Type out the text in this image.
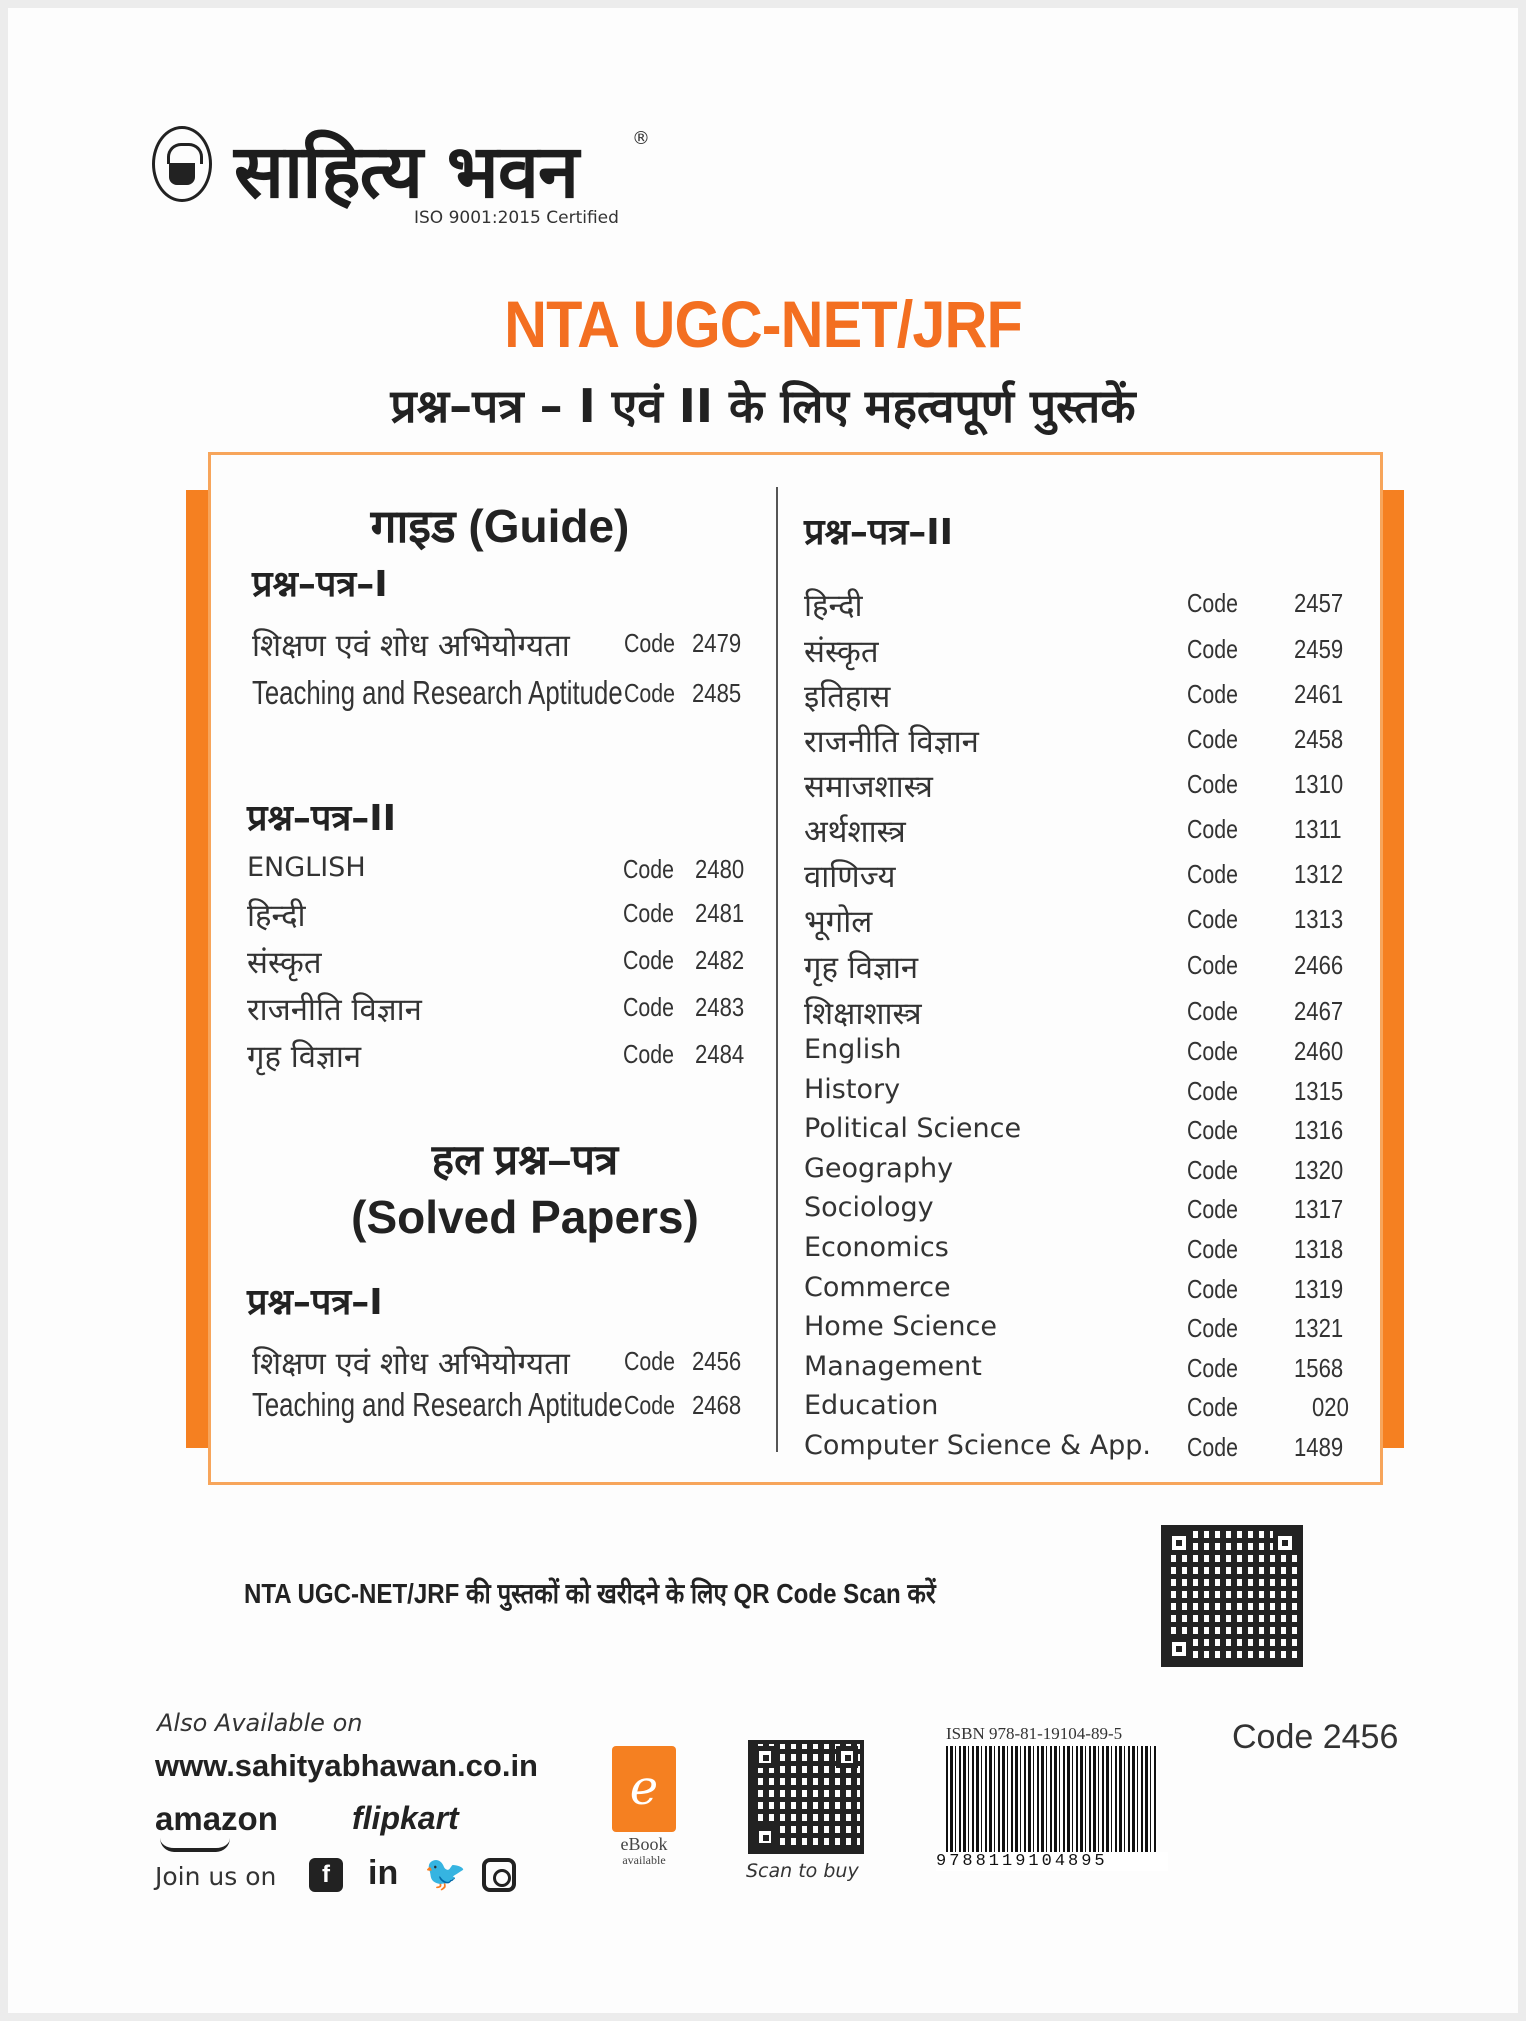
साहित्य भवन	®
ISO 9001:2015 Certified
NTA UGC-NET/JRF
प्रश्न–पत्र – I एवं II के लिए महत्वपूर्ण पुस्तकें
गाइड (Guide)
प्रश्न–पत्र–I
शिक्षण एवं शोध अभियोग्यता Code 2479
Teaching and Research Aptitude Code 2485
प्रश्न–पत्र–II
ENGLISH	Code 2480
हिन्दी	Code 2481
संस्कृत	Code 2482
राजनीति विज्ञान	Code 2483
गृह विज्ञान	Code 2484
हल प्रश्न–पत्र
(Solved Papers)
प्रश्न–पत्र–I
शिक्षण एवं शोध अभियोग्यता Code 2456
Teaching and Research Aptitude Code 2468
प्रश्न–पत्र–II
हिन्दी	Code 2457
संस्कृत	Code 2459
इतिहास	Code 2461
राजनीति विज्ञान	Code 2458
समाजशास्त्र	Code 1310
अर्थशास्त्र	Code 1311
वाणिज्य	Code 1312
भूगोल	Code 1313
गृह विज्ञान	Code 2466
शिक्षाशास्त्र	Code 2467
English	Code 2460
History	Code 1315
Political Science	Code 1316
Geography	Code 1320
Sociology	Code 1317
Economics	Code 1318
Commerce	Code 1319
Home Science	Code 1321
Management	Code 1568
Education	Code	020
Computer Science & App. Code 1489
NTA UGC-NET/JRF की पुस्तकों को खरीदने के लिए QR Code Scan करें
Also Available on
www.sahityabhawan.co.in
amazon flipkart
Join us on	f	in 🐦
e
eBook
available	Scan to buy
ISBN 978-81-19104-89-5
9788119104895
Code 2456
